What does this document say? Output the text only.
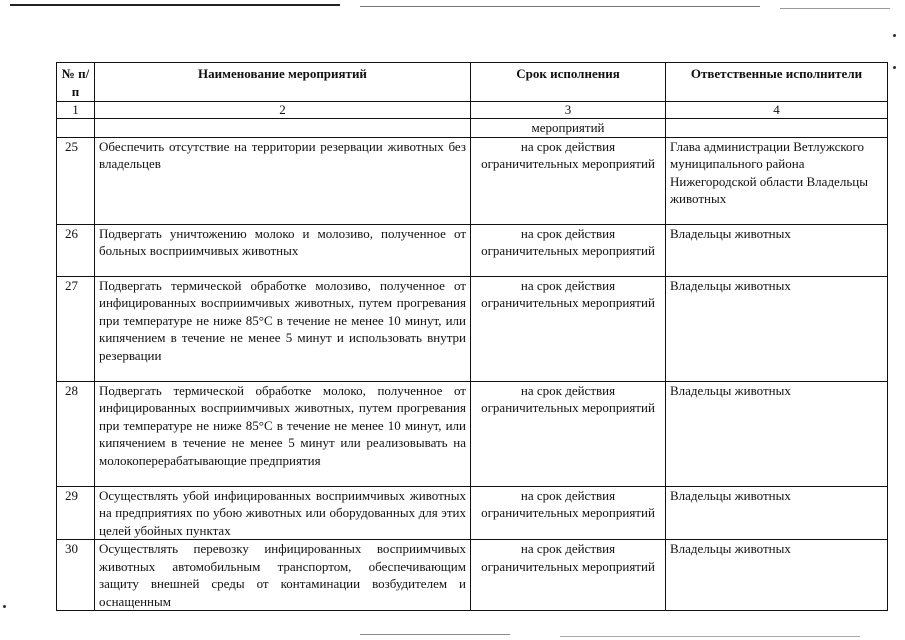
№ п/п	Наименование мероприятий	Срок исполнения	Ответственные исполнители
1	2	3	4
		мероприятий	
25	Обеспечить отсутствие на территории резервации животных без владельцев	на срок действия ограничительных мероприятий	Глава администрации Ветлужского муниципального района Нижегородской области Владельцы животных
26	Подвергать уничтожению молоко и молозиво, полученное от больных восприимчивых животных	на срок действия ограничительных мероприятий	Владельцы животных
27	Подвергать термической обработке молозиво, полученное от инфицированных восприимчивых животных, путем прогревания при температуре не ниже 85°С в течение не менее 10 минут, или кипячением в течение не менее 5 минут и использовать внутри резервации	на срок действия ограничительных мероприятий	Владельцы животных
28	Подвергать термической обработке молоко, полученное от инфицированных восприимчивых животных, путем прогревания при температуре не ниже 85°С в течение не менее 10 минут, или кипячением в течение не менее 5 минут или реализовывать на молокоперерабатывающие предприятия	на срок действия ограничительных мероприятий	Владельцы животных
29	Осуществлять убой инфицированных восприимчивых животных на предприятиях по убою животных или оборудованных для этих целей убойных пунктах	на срок действия ограничительных мероприятий	Владельцы животных
30	Осуществлять перевозку инфицированных восприимчивых животных автомобильным транспортом, обеспечивающим защиту внешней среды от контаминации возбудителем и оснащенным	на срок действия ограничительных мероприятий	Владельцы животных
